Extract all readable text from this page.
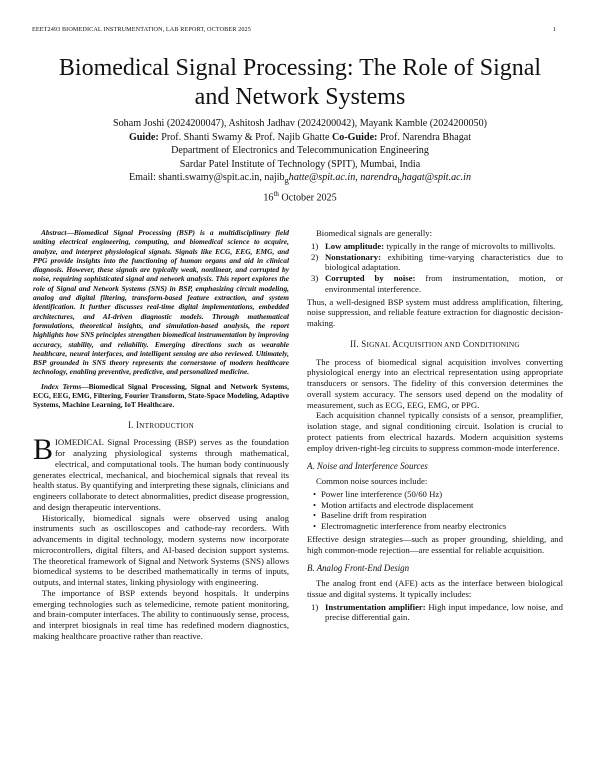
EEET2493 BIOMEDICAL INSTRUMENTATION, LAB REPORT, OCTOBER 2025	1
Biomedical Signal Processing: The Role of Signal and Network Systems
Soham Joshi (2024200047), Ashitosh Jadhav (2024200042), Mayank Kamble (2024200050)
Guide: Prof. Shanti Swamy & Prof. Najib Ghatte Co-Guide: Prof. Narendra Bhagat
Department of Electronics and Telecommunication Engineering
Sardar Patel Institute of Technology (SPIT), Mumbai, India
Email: shanti.swamy@spit.ac.in, najib$_g$hatte@spit.ac.in, narendra$_b$hagat@spit.ac.in
16th October 2025

Abstract—Biomedical Signal Processing (BSP) is a multidisciplinary field uniting electrical engineering, computing, and biomedical science to acquire, analyze, and interpret physiological signals. Signals like ECG, EEG, EMG, and PPG provide insights into the functioning of human organs and aid in clinical diagnosis. However, these signals are typically weak, nonlinear, and corrupted by noise, requiring sophisticated signal and network analysis. This report explores the role of Signal and Network Systems (SNS) in BSP, emphasizing circuit modeling, analog and digital filtering, transform-based feature extraction, and system identification. It further discusses real-time digital implementations, embedded architectures, and AI-driven diagnostic models. Through mathematical formulations, theoretical insights, and simulation-based analysis, the report highlights how SNS principles strengthen biomedical instrumentation by improving accuracy, stability, and reliability. Emerging directions such as wearable healthcare, neural interfaces, and intelligent sensing are also reviewed. Ultimately, BSP grounded in SNS theory represents the cornerstone of modern healthcare technology, enabling preventive, predictive, and personalized medicine.

Index Terms—Biomedical Signal Processing, Signal and Network Systems, ECG, EEG, EMG, Filtering, Fourier Transform, State-Space Modeling, Adaptive Systems, Machine Learning, IoT Healthcare.

I. INTRODUCTION

BIOMEDICAL Signal Processing (BSP) serves as the foundation for analyzing physiological systems through mathematical, electrical, and computational tools. The human body continuously generates electrical, mechanical, and biochemical signals that reveal its health status. By quantifying and interpreting these signals, clinicians and engineers collaborate to detect abnormalities, predict disease progression, and design therapeutic interventions.

Historically, biomedical signals were observed using analog instruments such as oscilloscopes and cathode-ray recorders. With advancements in digital technology, modern systems now incorporate microcontrollers, digital filters, and AI-based decision support systems. The theoretical framework of Signal and Network Systems (SNS) allows biomedical systems to be described mathematically in terms of inputs, outputs, and internal states, linking physiology with engineering.

The importance of BSP extends beyond hospitals. It underpins emerging technologies such as telemedicine, remote patient monitoring, and brain-computer interfaces. The ability to continuously sense, process, and interpret biosignals in real time has redefined modern diagnostics, making healthcare proactive rather than reactive.

Biomedical signals are generally:

1) Low amplitude: typically in the range of microvolts to millivolts.
2) Nonstationary: exhibiting time-varying characteristics due to biological adaptation.
3) Corrupted by noise: from instrumentation, motion, or environmental interference.

Thus, a well-designed BSP system must address amplification, filtering, noise suppression, and reliable feature extraction for diagnostic decision-making.

II. SIGNAL ACQUISITION AND CONDITIONING

The process of biomedical signal acquisition involves converting physiological energy into an electrical representation using appropriate transducers or sensors. The fidelity of this conversion determines the overall system accuracy. The sensors used depend on the modality of measurement, such as ECG, EEG, EMG, or PPG.

Each acquisition channel typically consists of a sensor, preamplifier, isolation stage, and signal conditioning circuit. Isolation is crucial to protect patients from electrical hazards. Modern acquisition systems employ driven-right-leg circuits to suppress common-mode interference.

A. Noise and Interference Sources

Common noise sources include:

• Power line interference (50/60 Hz)
• Motion artifacts and electrode displacement
• Baseline drift from respiration
• Electromagnetic interference from nearby electronics

Effective design strategies—such as proper grounding, shielding, and high common-mode rejection—are essential for reliable acquisition.

B. Analog Front-End Design

The analog front end (AFE) acts as the interface between biological tissue and digital systems. It typically includes:

1) Instrumentation amplifier: High input impedance, low noise, and precise differential gain.
